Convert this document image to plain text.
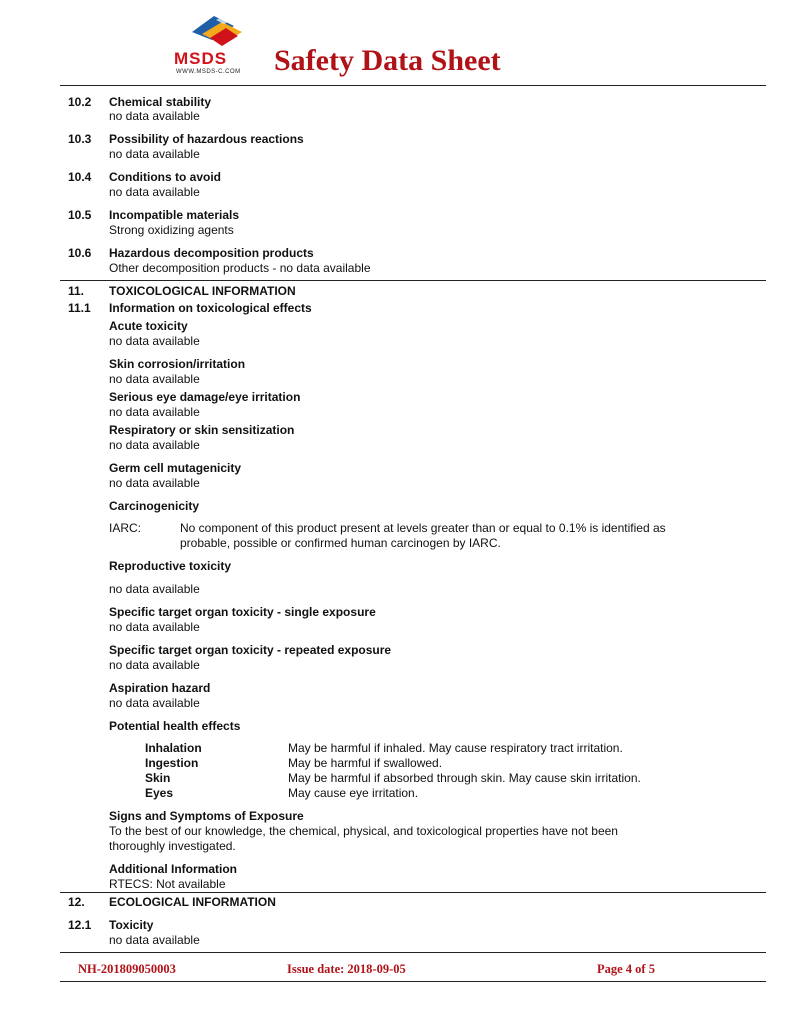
MSDS
WWW.MSDS-C.COM Safety Data Sheet
10.2 Chemical stability
no data available
10.3 Possibility of hazardous reactions
no data available
10.4 Conditions to avoid
no data available
10.5 Incompatible materials
Strong oxidizing agents
10.6 Hazardous decomposition products
Other decomposition products - no data available
11. TOXICOLOGICAL INFORMATION
11.1 Information on toxicological effects
Acute toxicity
no data available
Skin corrosion/irritation
no data available
Serious eye damage/eye irritation
no data available
Respiratory or skin sensitization
no data available
Germ cell mutagenicity
no data available
Carcinogenicity
IARC:	No component of this product present at levels greater than or equal to 0.1% is identified as
probable, possible or confirmed human carcinogen by IARC.
Reproductive toxicity
no data available
Specific target organ toxicity - single exposure
no data available
Specific target organ toxicity - repeated exposure
no data available
Aspiration hazard
no data available
Potential health effects
Inhalation	May be harmful if inhaled. May cause respiratory tract irritation.
Ingestion	May be harmful if swallowed.
Skin	May be harmful if absorbed through skin. May cause skin irritation.
Eyes	May cause eye irritation.
Signs and Symptoms of Exposure
To the best of our knowledge, the chemical, physical, and toxicological properties have not been
thoroughly investigated.
Additional Information
RTECS: Not available
12. ECOLOGICAL INFORMATION
12.1 Toxicity
no data available
NH-201809050003	Issue date: 2018-09-05	Page 4 of 5
